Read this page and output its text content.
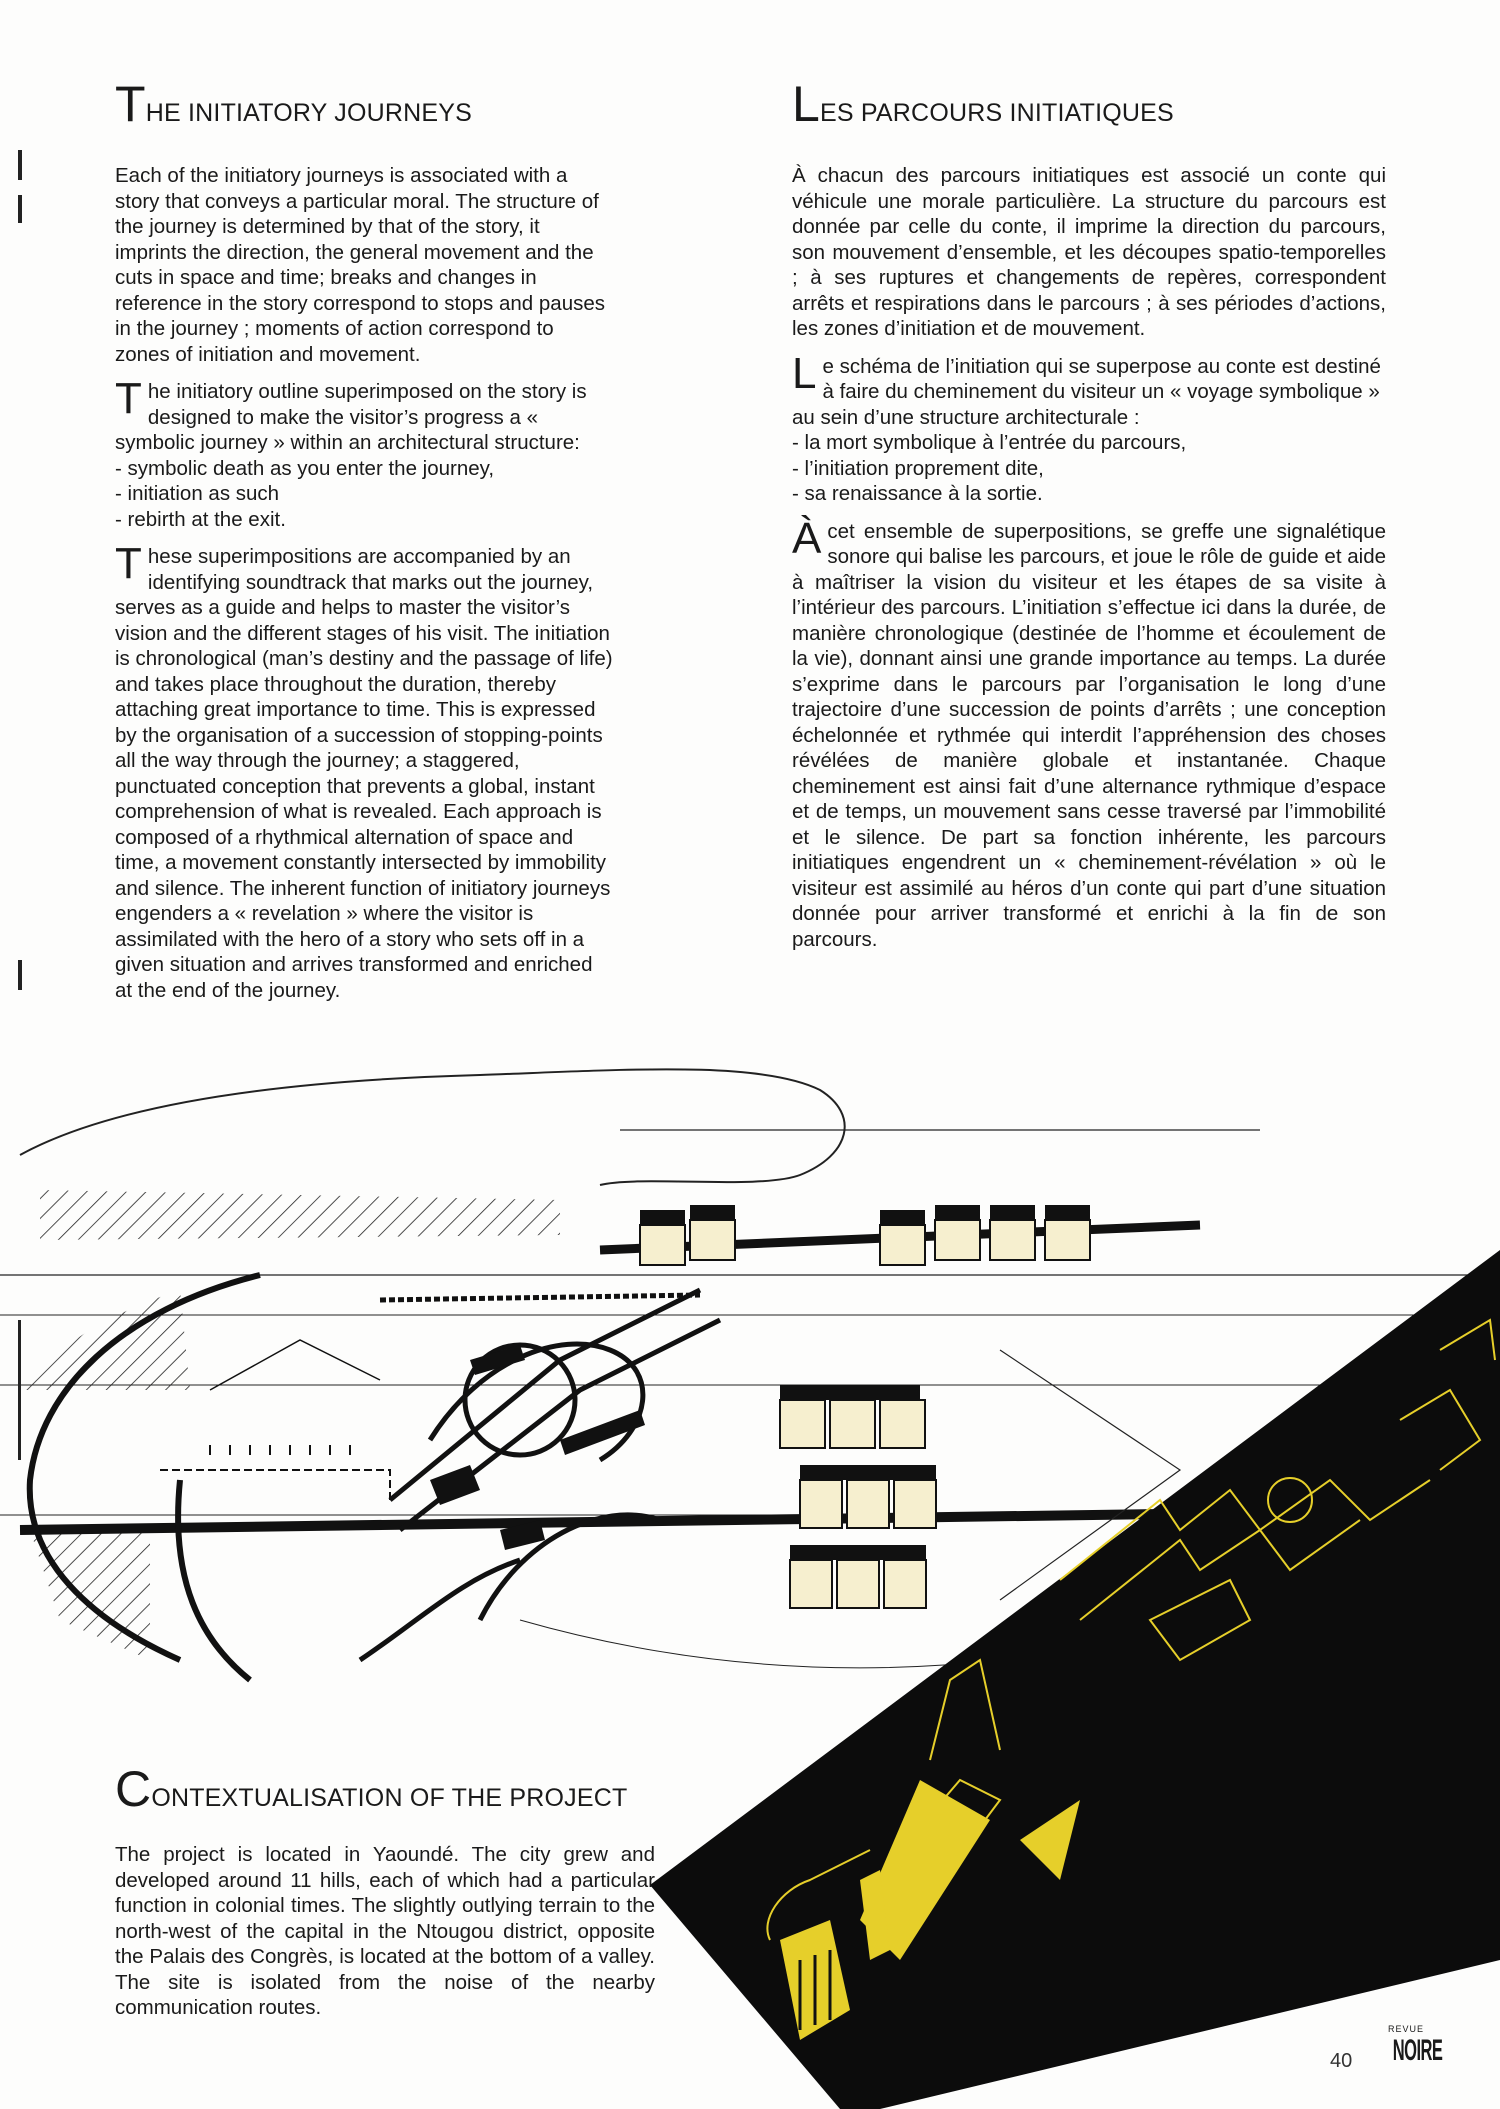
THE INITIATORY JOURNEYS

Each of the initiatory journeys is associated with a story that conveys a particular moral. The structure of the journey is determined by that of the story, it imprints the direction, the general movement and the cuts in space and time; breaks and changes in reference in the story correspond to stops and pauses in the journey ; moments of action correspond to zones of initiation and movement.

The initiatory outline superimposed on the story is designed to make the visitor’s progress a « symbolic journey » within an architectural structure:
- symbolic death as you enter the journey,
- initiation as such
- rebirth at the exit.
These superimpositions are accompanied by an identifying soundtrack that marks out the journey, serves as a guide and helps to master the visitor’s vision and the different stages of his visit. The initiation is chronological (man’s destiny and the passage of life) and takes place throughout the duration, thereby attaching great importance to time. This is expressed by the organisation of a succession of stopping-points all the way through the journey; a staggered, punctuated conception that prevents a global, instant comprehension of what is revealed. Each approach is composed of a rhythmical alternation of space and time, a movement constantly intersected by immobility and silence. The inherent function of initiatory journeys engenders a « revelation » where the visitor is assimilated with the hero of a story who sets off in a given situation and arrives transformed and enriched at the end of the journey.
LES PARCOURS INITIATIQUES

À chacun des parcours initiatiques est associé un conte qui véhicule une morale particulière. La structure du parcours est donnée par celle du conte, il imprime la direction du parcours, son mouvement d’ensemble, et les découpes spatio-temporelles ; à ses ruptures et changements de repères, correspondent arrêts et respirations dans le parcours ; à ses périodes d’actions, les zones d’initiation et de mouvement.

Le schéma de l’initiation qui se superpose au conte est destiné à faire du cheminement du visiteur un « voyage symbolique » au sein d’une structure architecturale :
- la mort symbolique à l’entrée du parcours,
- l’initiation proprement dite,
- sa renaissance à la sortie.
À cet ensemble de superpositions, se greffe une signalétique sonore qui balise les parcours, et joue le rôle de guide et aide à maîtriser la vision du visiteur et les étapes de sa visite à l’intérieur des parcours. L’initiation s’effectue ici dans la durée, de manière chronologique (destinée de l’homme et écoulement de la vie), donnant ainsi une grande importance au temps. La durée s’exprime dans le parcours par l’organisation le long d’une trajectoire d’une succession de points d’arrêts ; une conception échelonnée et rythmée qui interdit l’appréhension des choses révélées de manière globale et instantanée. Chaque cheminement est ainsi fait d’une alternance rythmique d’espace et de temps, un mouvement sans cesse traversé par l’immobilité et le silence. De part sa fonction inhérente, les parcours initiatiques engendrent un « cheminement-révélation » où le visiteur est assimilé au héros d’un conte qui part d’une situation donnée pour arriver transformé et enrichi à la fin de son parcours.
CONTEXTUALISATION OF THE PROJECT

The project is located in Yaoundé. The city grew and developed around 11 hills, each of which had a particular function in colonial times. The slightly outlying terrain to the north-west of the capital in the Ntougou district, opposite the Palais des Congrès, is located at the bottom of a valley. The site is isolated from the noise of the nearby communication routes.

40
REVUE
NOIRE
